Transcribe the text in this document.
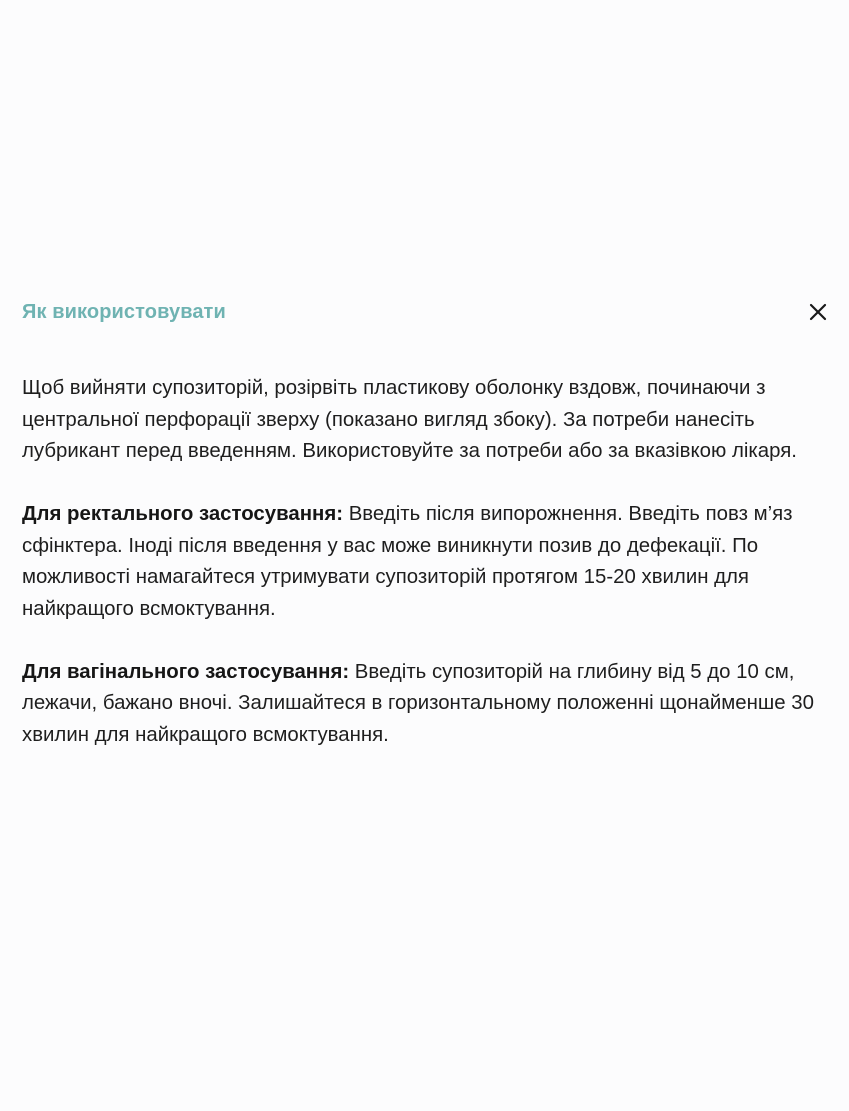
Як використовувати

Щоб вийняти супозиторій, розірвіть пластикову оболонку вздовж, починаючи з центральної перфорації зверху (показано вигляд збоку). За потреби нанесіть лубрикант перед введенням. Використовуйте за потреби або за вказівкою лікаря.

Для ректального застосування: Введіть після випорожнення. Введіть повз м’яз сфінктера. Іноді після введення у вас може виникнути позив до дефекації. По можливості намагайтеся утримувати супозиторій протягом 15-20 хвилин для найкращого всмоктування.

Для вагінального застосування: Введіть супозиторій на глибину від 5 до 10 см, лежачи, бажано вночі. Залишайтеся в горизонтальному положенні щонайменше 30 хвилин для найкращого всмоктування.
